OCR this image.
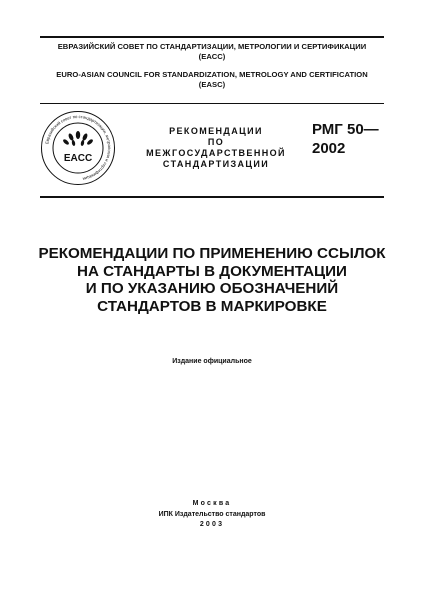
ЕВРАЗИЙСКИЙ СОВЕТ ПО СТАНДАРТИЗАЦИИ, МЕТРОЛОГИИ И СЕРТИФИКАЦИИ
(ЕАСС)
EURO-ASIAN COUNCIL FOR STANDARDIZATION, METROLOGY AND CERTIFICATION
(EASC)
Евразийский совет по стандартизации, метрологии и сертификации
EACC
РЕКОМЕНДАЦИИ
ПО МЕЖГОСУДАРСТВЕННОЙ
СТАНДАРТИЗАЦИИ
РМГ 50—
2002
РЕКОМЕНДАЦИИ ПО ПРИМЕНЕНИЮ ССЫЛОК
НА СТАНДАРТЫ В ДОКУМЕНТАЦИИ
И ПО УКАЗАНИЮ ОБОЗНАЧЕНИЙ
СТАНДАРТОВ В МАРКИРОВКЕ
Издание официальное
Москва
ИПК Издательство стандартов
2003
